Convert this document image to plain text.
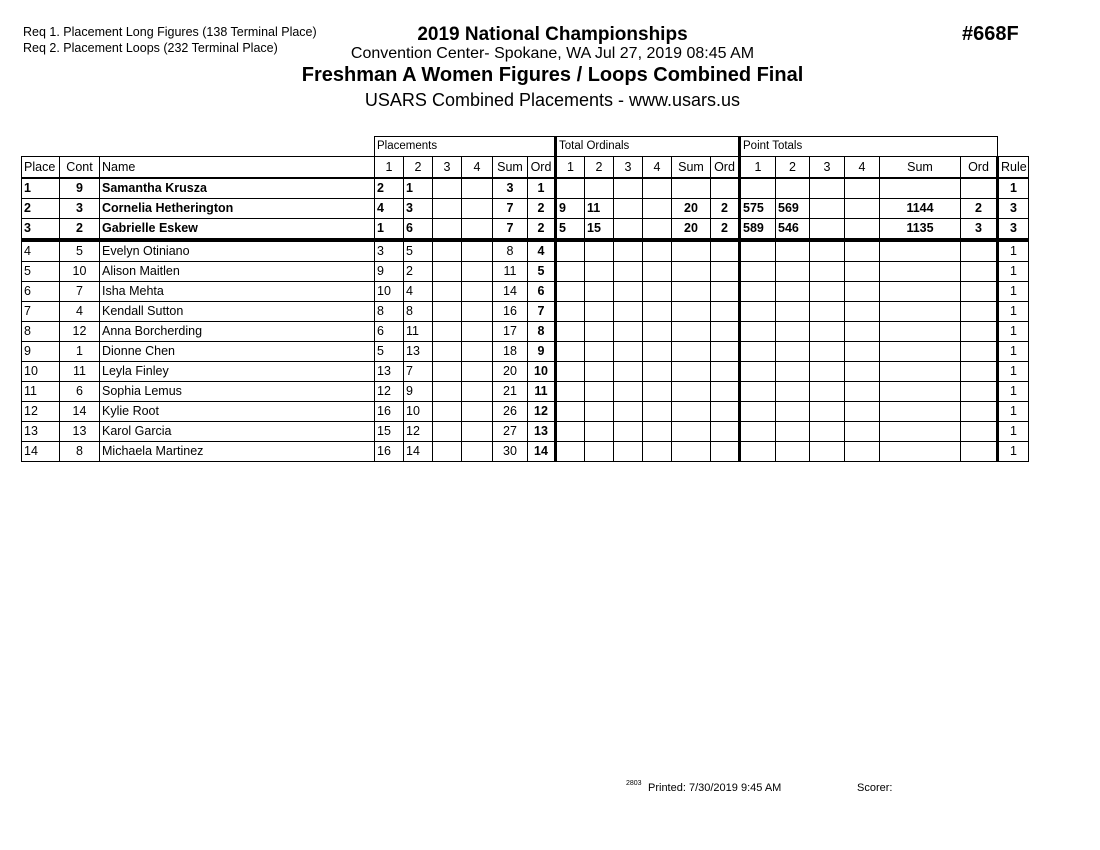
Req 1. Placement Long Figures (138 Terminal Place)
Req 2. Placement Loops (232 Terminal Place)
2019 National Championships
Convention Center- Spokane, WA Jul 27, 2019 08:45 AM
Freshman A Women Figures / Loops Combined Final
USARS Combined Placements - www.usars.us
#668F
			Placements						Total Ordinals						Point Totals						
Place	Cont	Name	1	2	3	4	Sum	Ord	1	2	3	4	Sum	Ord	1	2	3	4	Sum	Ord	Rule
1	9	Samantha Krusza	2	1			3	1													1
2	3	Cornelia Hetherington	4	3			7	2	9	11			20	2	575	569			1144	2	3
3	2	Gabrielle Eskew	1	6			7	2	5	15			20	2	589	546			1135	3	3
4	5	Evelyn Otiniano	3	5			8	4													1
5	10	Alison Maitlen	9	2			11	5													1
6	7	Isha Mehta	10	4			14	6													1
7	4	Kendall Sutton	8	8			16	7													1
8	12	Anna Borcherding	6	11			17	8													1
9	1	Dionne Chen	5	13			18	9													1
10	11	Leyla Finley	13	7			20	10													1
11	6	Sophia Lemus	12	9			21	11													1
12	14	Kylie Root	16	10			26	12													1
13	13	Karol Garcia	15	12			27	13													1
14	8	Michaela Martinez	16	14			30	14													1
2803 Printed: 7/30/2019 9:45 AM	Scorer:
